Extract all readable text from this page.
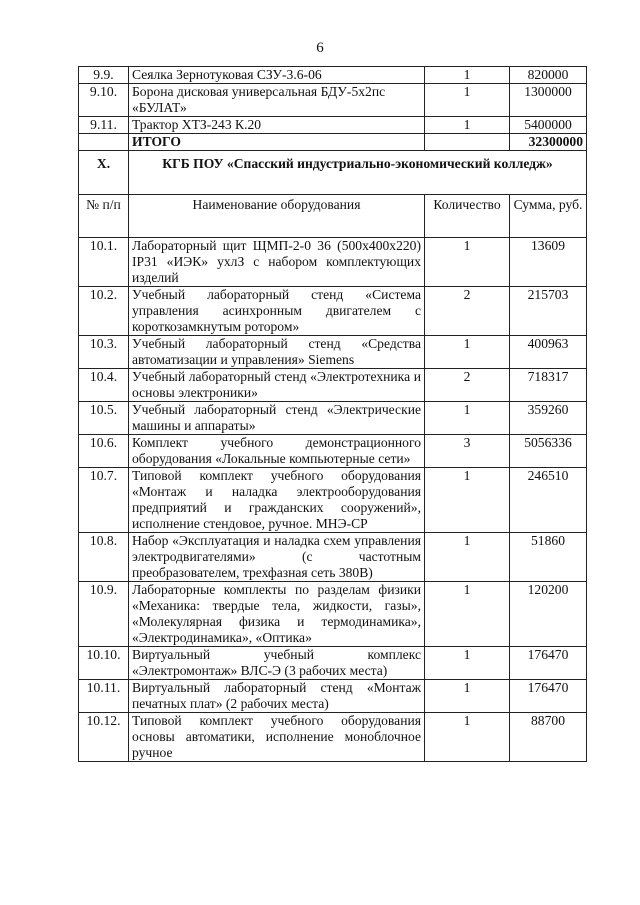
6
9.9.	Сеялка Зернотуковая СЗУ-3.6-06	1	820000
9.10.	Борона дисковая универсальная БДУ-5х2пс «БУЛАТ»	1	1300000
9.11.	Трактор ХТЗ-243 К.20	1	5400000
	ИТОГО		32300000
X.	КГБ ПОУ «Спасский индустриально-экономический колледж»		
№ п/п	Наименование оборудования	Количество	Сумма, руб.
10.1.	Лабораторный щит ЩМП-2-0 36 (500х400х220) IP31 «ИЭК» ухлЗ с набором комплектующих изделий	1	13609
10.2.	Учебный лабораторный стенд «Система управления асинхронным двигателем с короткозамкнутым ротором»	2	215703
10.3.	Учебный лабораторный стенд «Средства автоматизации и управления» Siemens	1	400963
10.4.	Учебный лабораторный стенд «Электротехника и основы электроники»	2	718317
10.5.	Учебный лабораторный стенд «Электрические машины и аппараты»	1	359260
10.6.	Комплект учебного демонстрационного оборудования «Локальные компьютерные сети»	3	5056336
10.7.	Типовой комплект учебного оборудования «Монтаж и наладка электрооборудования предприятий и гражданских сооружений», исполнение стендовое, ручное. МНЭ-СР	1	246510
10.8.	Набор «Эксплуатация и наладка схем управления электродвигателями» (с частотным преобразователем, трехфазная сеть 380В)	1	51860
10.9.	Лабораторные комплекты по разделам физики «Механика: твердые тела, жидкости, газы», «Молекулярная физика и термодинамика», «Электродинамика», «Оптика»	1	120200
10.10.	Виртуальный учебный комплекс «Электромонтаж» ВЛС-Э (3 рабочих места)	1	176470
10.11.	Виртуальный лабораторный стенд «Монтаж печатных плат» (2 рабочих места)	1	176470
10.12.	Типовой комплект учебного оборудования основы автоматики, исполнение моноблочное ручное	1	88700
